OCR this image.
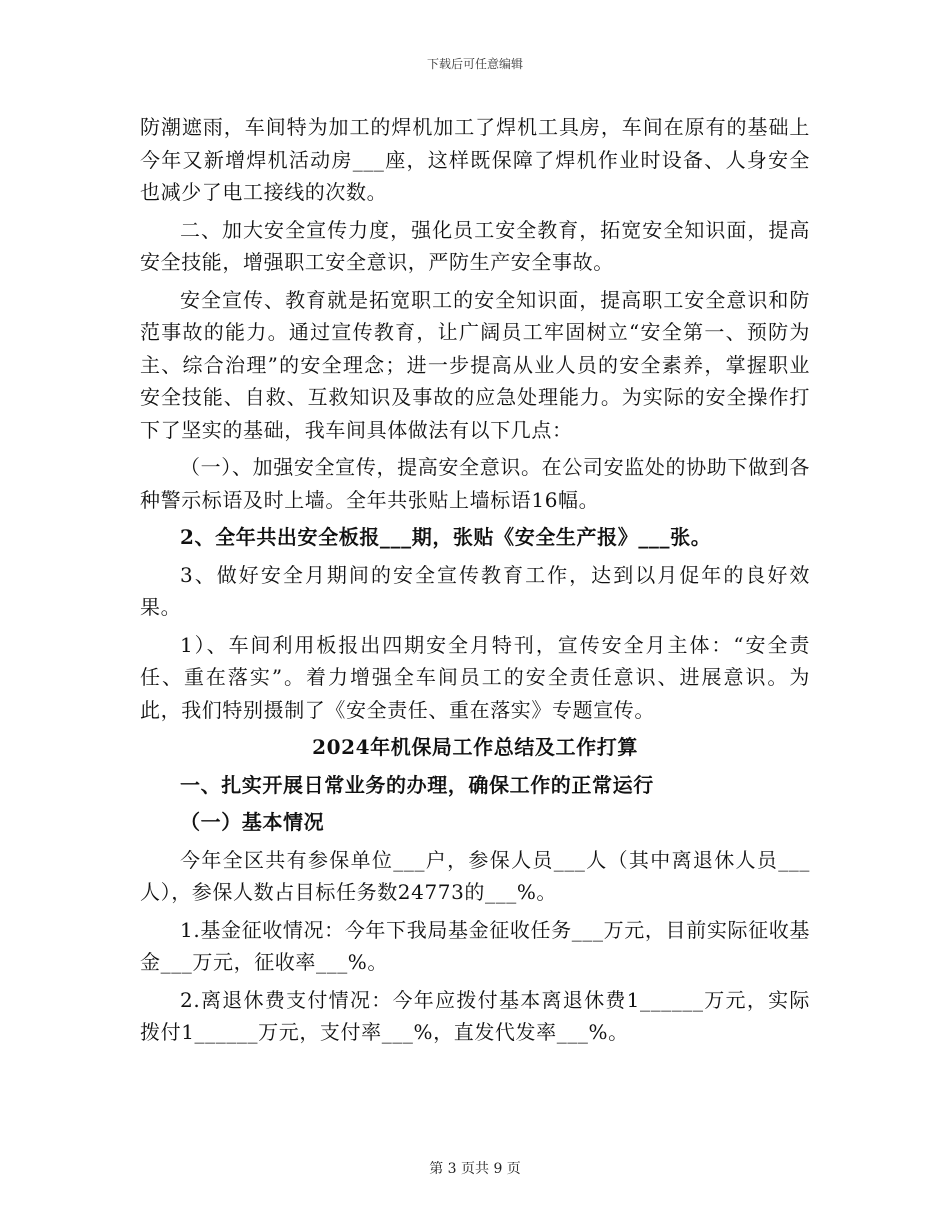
下载后可任意编辑

防潮遮雨，车间特为加工的焊机加工了焊机工具房，车间在原有的基础上今年又新增焊机活动房___座，这样既保障了焊机作业时设备、人身安全也减少了电工接线的次数。

二、加大安全宣传力度，强化员工安全教育，拓宽安全知识面，提高安全技能，增强职工安全意识，严防生产安全事故。

安全宣传、教育就是拓宽职工的安全知识面，提高职工安全意识和防范事故的能力。通过宣传教育，让广阔员工牢固树立“安全第一、预防为主、综合治理”的安全理念；进一步提高从业人员的安全素养，掌握职业安全技能、自救、互救知识及事故的应急处理能力。为实际的安全操作打下了坚实的基础，我车间具体做法有以下几点：

（一）、加强安全宣传，提高安全意识。在公司安监处的协助下做到各种警示标语及时上墙。全年共张贴上墙标语16幅。

2、全年共出安全板报___期，张贴《安全生产报》___张。

3、做好安全月期间的安全宣传教育工作，达到以月促年的良好效果。

1）、车间利用板报出四期安全月特刊，宣传安全月主体：“安全责任、重在落实”。着力增强全车间员工的安全责任意识、进展意识。为此，我们特别摄制了《安全责任、重在落实》专题宣传。

2024年机保局工作总结及工作打算

一、扎实开展日常业务的办理，确保工作的正常运行

（一）基本情况

今年全区共有参保单位___户，参保人员___人（其中离退休人员___人），参保人数占目标任务数24773的___%。

1.基金征收情况：今年下我局基金征收任务___万元，目前实际征收基金___万元，征收率___%。

2.离退休费支付情况：今年应拨付基本离退休费1______万元，实际拨付1______万元，支付率___%，直发代发率___%。

第 3 页共 9 页
